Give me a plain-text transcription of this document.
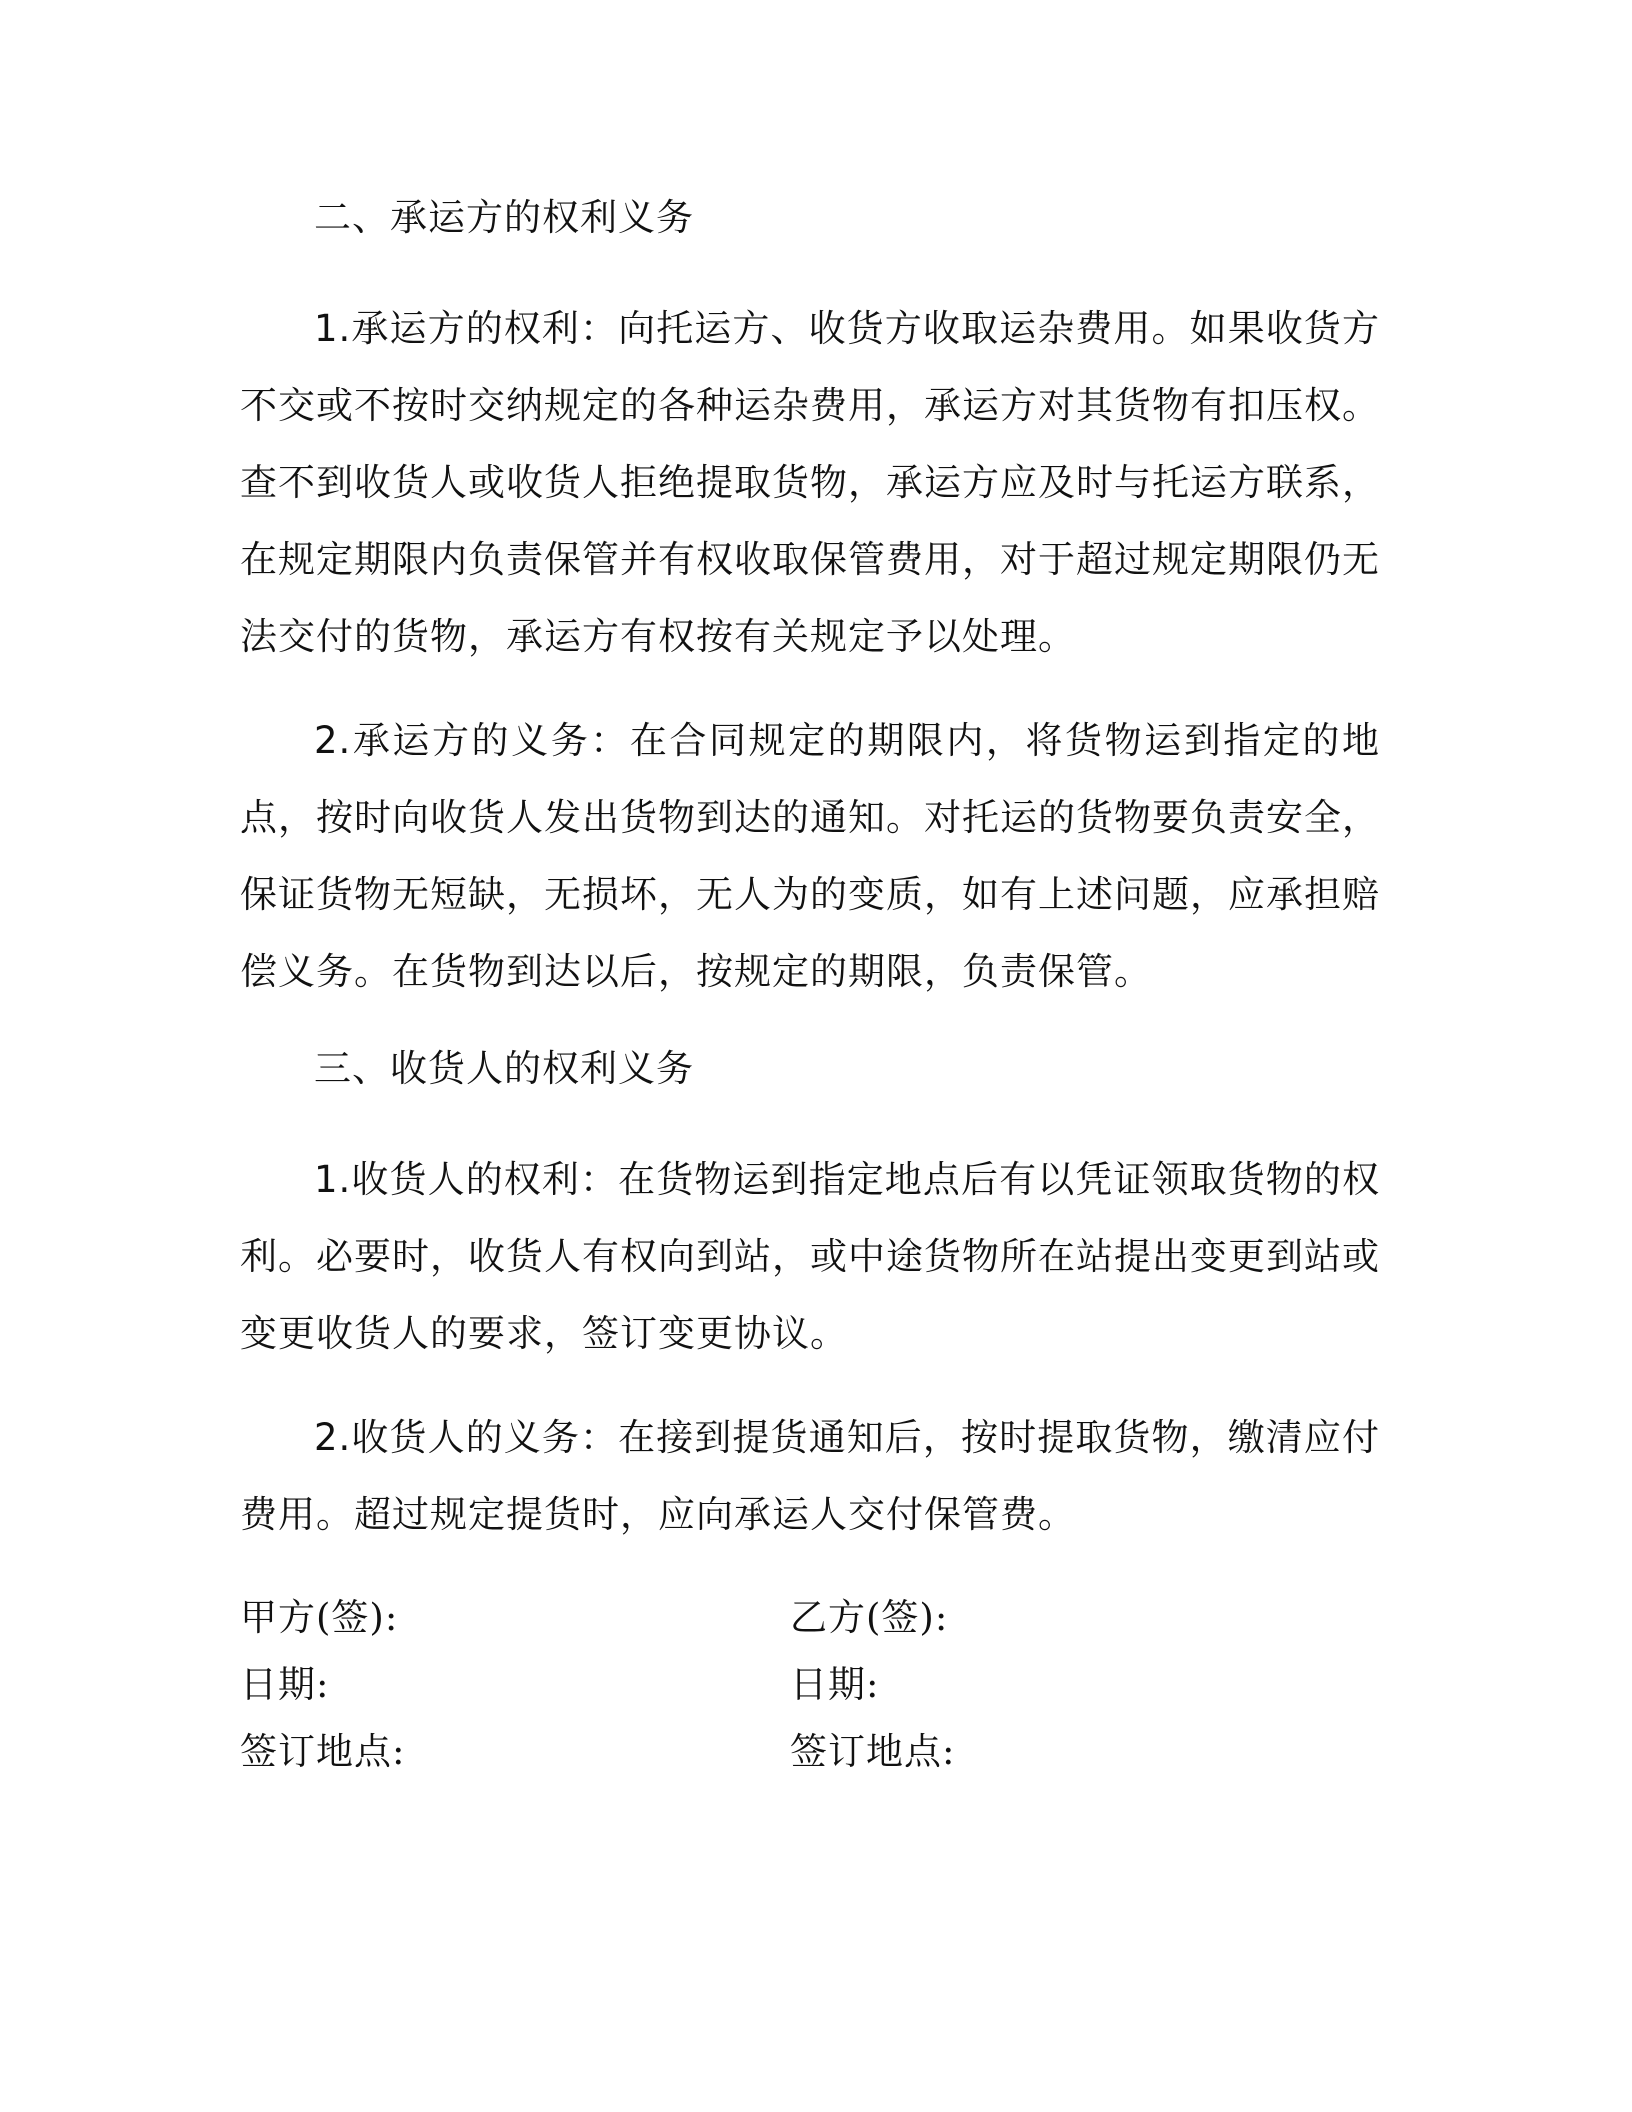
二、承运方的权利义务

1.承运方的权利：向托运方、收货方收取运杂费用。如果收货方不交或不按时交纳规定的各种运杂费用，承运方对其货物有扣压权。查不到收货人或收货人拒绝提取货物，承运方应及时与托运方联系，在规定期限内负责保管并有权收取保管费用，对于超过规定期限仍无法交付的货物，承运方有权按有关规定予以处理。

2.承运方的义务：在合同规定的期限内，将货物运到指定的地点，按时向收货人发出货物到达的通知。对托运的货物要负责安全，保证货物无短缺，无损坏，无人为的变质，如有上述问题，应承担赔偿义务。在货物到达以后，按规定的期限，负责保管。

三、收货人的权利义务

1.收货人的权利：在货物运到指定地点后有以凭证领取货物的权利。必要时，收货人有权向到站，或中途货物所在站提出变更到站或变更收货人的要求，签订变更协议。

2.收货人的义务：在接到提货通知后，按时提取货物，缴清应付费用。超过规定提货时，应向承运人交付保管费。

甲方(签):	乙方(签):
日期:	日期:
签订地点:	签订地点:
